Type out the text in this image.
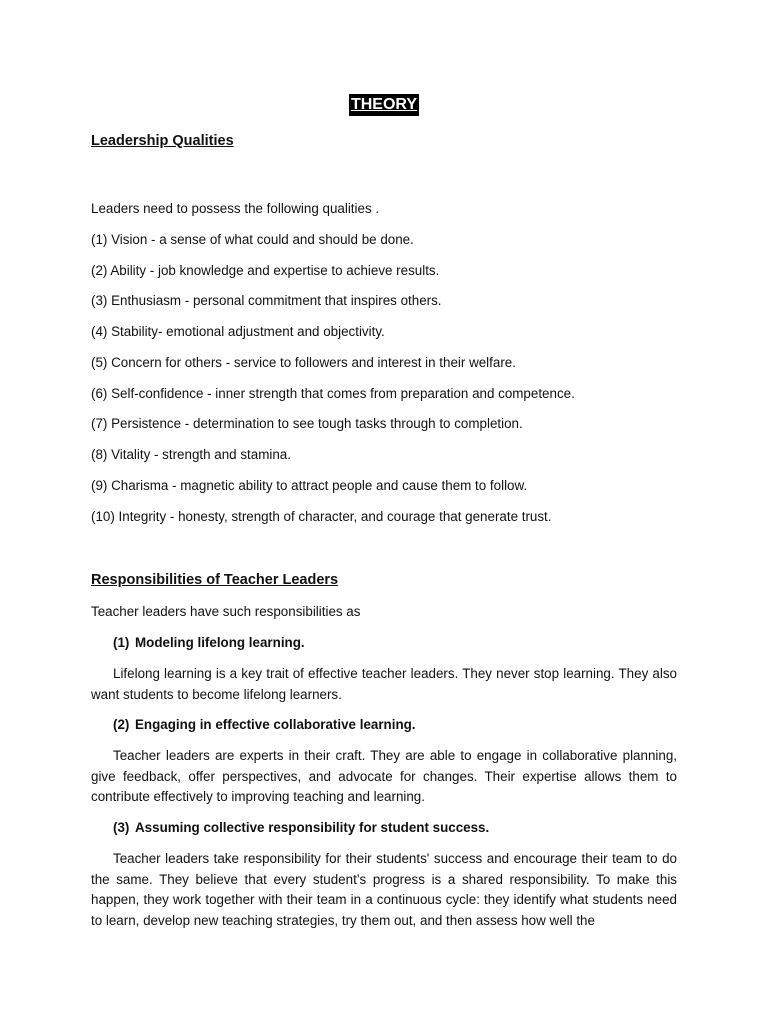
THEORY
Leadership Qualities

Leaders need to possess the following qualities .

(1) Vision - a sense of what could and should be done.

(2) Ability - job knowledge and expertise to achieve results.

(3) Enthusiasm - personal commitment that inspires others.

(4) Stability- emotional adjustment and objectivity.

(5) Concern for others - service to followers and interest in their welfare.

(6) Self-confidence - inner strength that comes from preparation and competence.

(7) Persistence - determination to see tough tasks through to completion.

(8) Vitality - strength and stamina.

(9) Charisma - magnetic ability to attract people and cause them to follow.

(10) Integrity - honesty, strength of character, and courage that generate trust.

Responsibilities of Teacher Leaders

Teacher leaders have such responsibilities as

(1) Modeling lifelong learning.

Lifelong learning is a key trait of effective teacher leaders. They never stop learning. They also want students to become lifelong learners.

(2) Engaging in effective collaborative learning.

Teacher leaders are experts in their craft. They are able to engage in collaborative planning, give feedback, offer perspectives, and advocate for changes. Their expertise allows them to contribute effectively to improving teaching and learning.

(3) Assuming collective responsibility for student success.

Teacher leaders take responsibility for their students' success and encourage their team to do the same. They believe that every student’s progress is a shared responsibility. To make this happen, they work together with their team in a continuous cycle: they identify what students need to learn, develop new teaching strategies, try them out, and then assess how well the
